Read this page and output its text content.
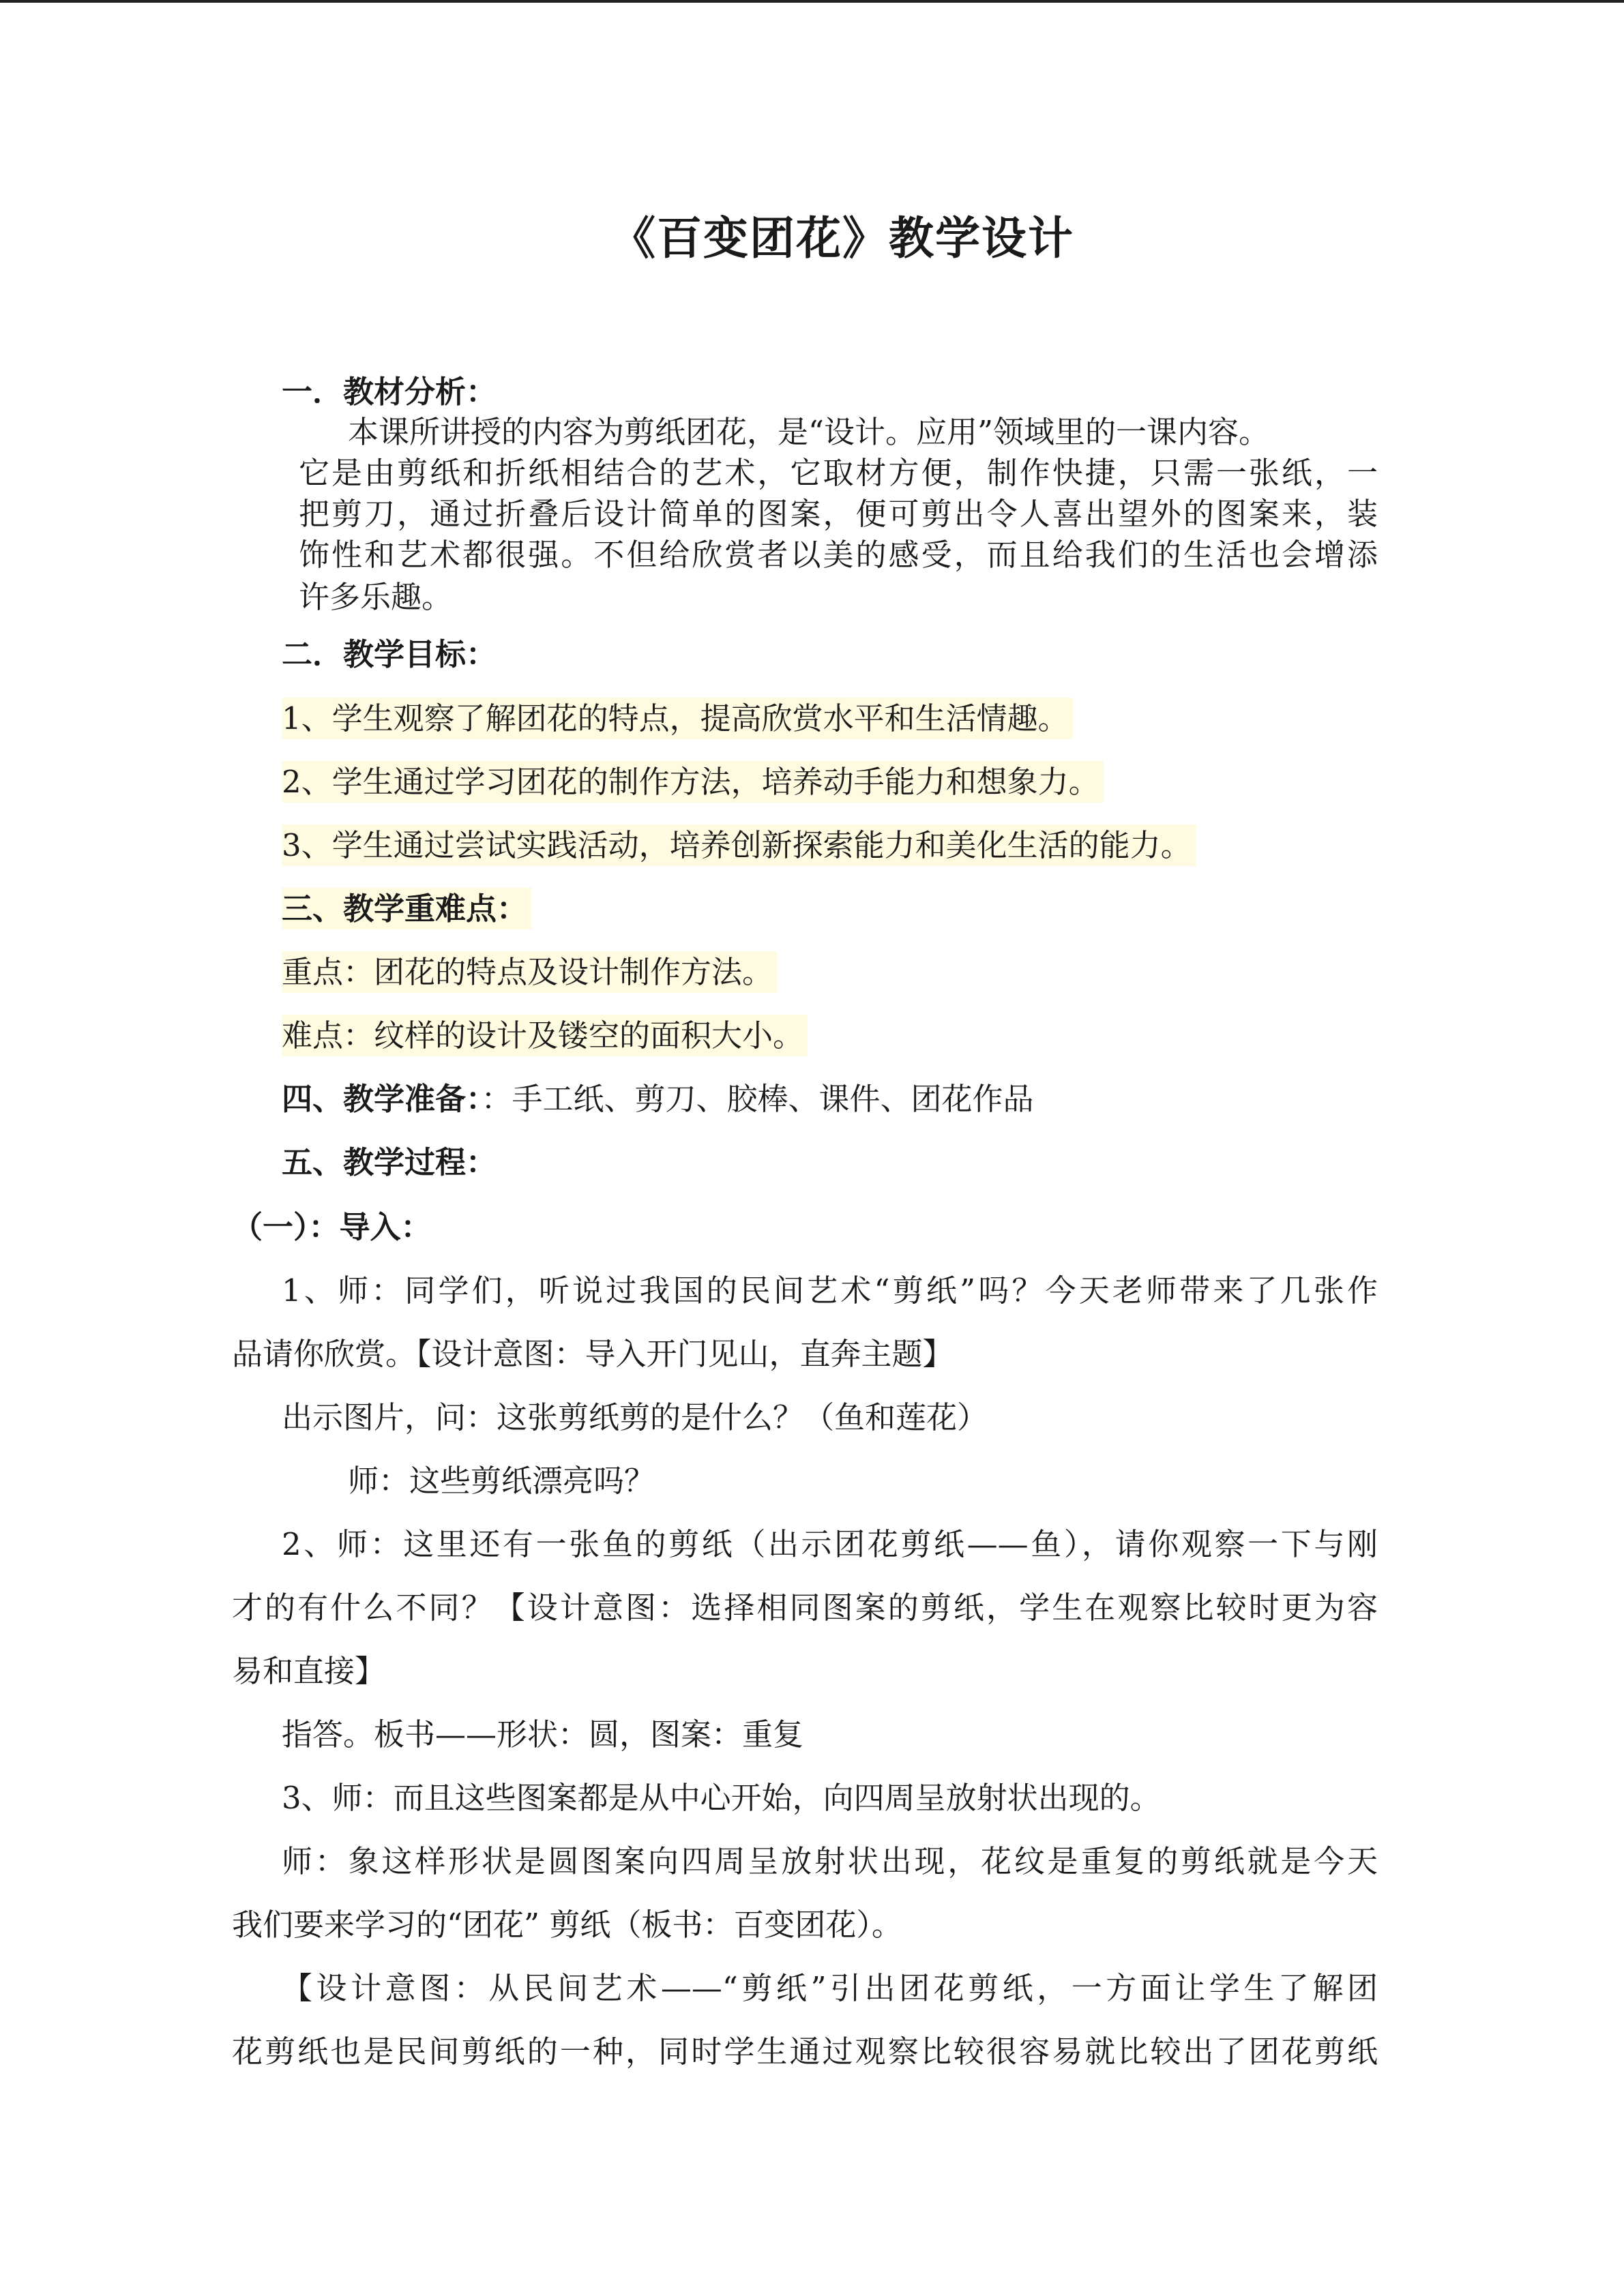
《百变团花》教学设计
一．教材分析：
本课所讲授的内容为剪纸团花，是“设计。应用”领域里的一课内容。
它是由剪纸和折纸相结合的艺术，它取材方便，制作快捷，只需一张纸，一
把剪刀，通过折叠后设计简单的图案，便可剪出令人喜出望外的图案来，装
饰性和艺术都很强。不但给欣赏者以美的感受，而且给我们的生活也会增添
许多乐趣。
二．教学目标：
1、学生观察了解团花的特点，提高欣赏水平和生活情趣。
2、学生通过学习团花的制作方法，培养动手能力和想象力。
3、学生通过尝试实践活动，培养创新探索能力和美化生活的能力。
三、教学重难点：
重点：团花的特点及设计制作方法。
难点：纹样的设计及镂空的面积大小。
四、教学准备：：手工纸、剪刀、胶棒、课件、团花作品
五、教学过程：
（一）：导入：
1、师：同学们，听说过我国的民间艺术“剪纸”吗？今天老师带来了几张作
品请你欣赏。【设计意图：导入开门见山，直奔主题】
出示图片，问：这张剪纸剪的是什么？（鱼和莲花）
师：这些剪纸漂亮吗？
2、师：这里还有一张鱼的剪纸（出示团花剪纸——鱼），请你观察一下与刚
才的有什么不同？【设计意图：选择相同图案的剪纸，学生在观察比较时更为容
易和直接】
指答。板书——形状：圆，图案：重复
3、师：而且这些图案都是从中心开始，向四周呈放射状出现的。
师：象这样形状是圆图案向四周呈放射状出现，花纹是重复的剪纸就是今天
我们要来学习的“团花” 剪纸（板书：百变团花）。
【设计意图：从民间艺术——“剪纸”引出团花剪纸，一方面让学生了解团
花剪纸也是民间剪纸的一种，同时学生通过观察比较很容易就比较出了团花剪纸
